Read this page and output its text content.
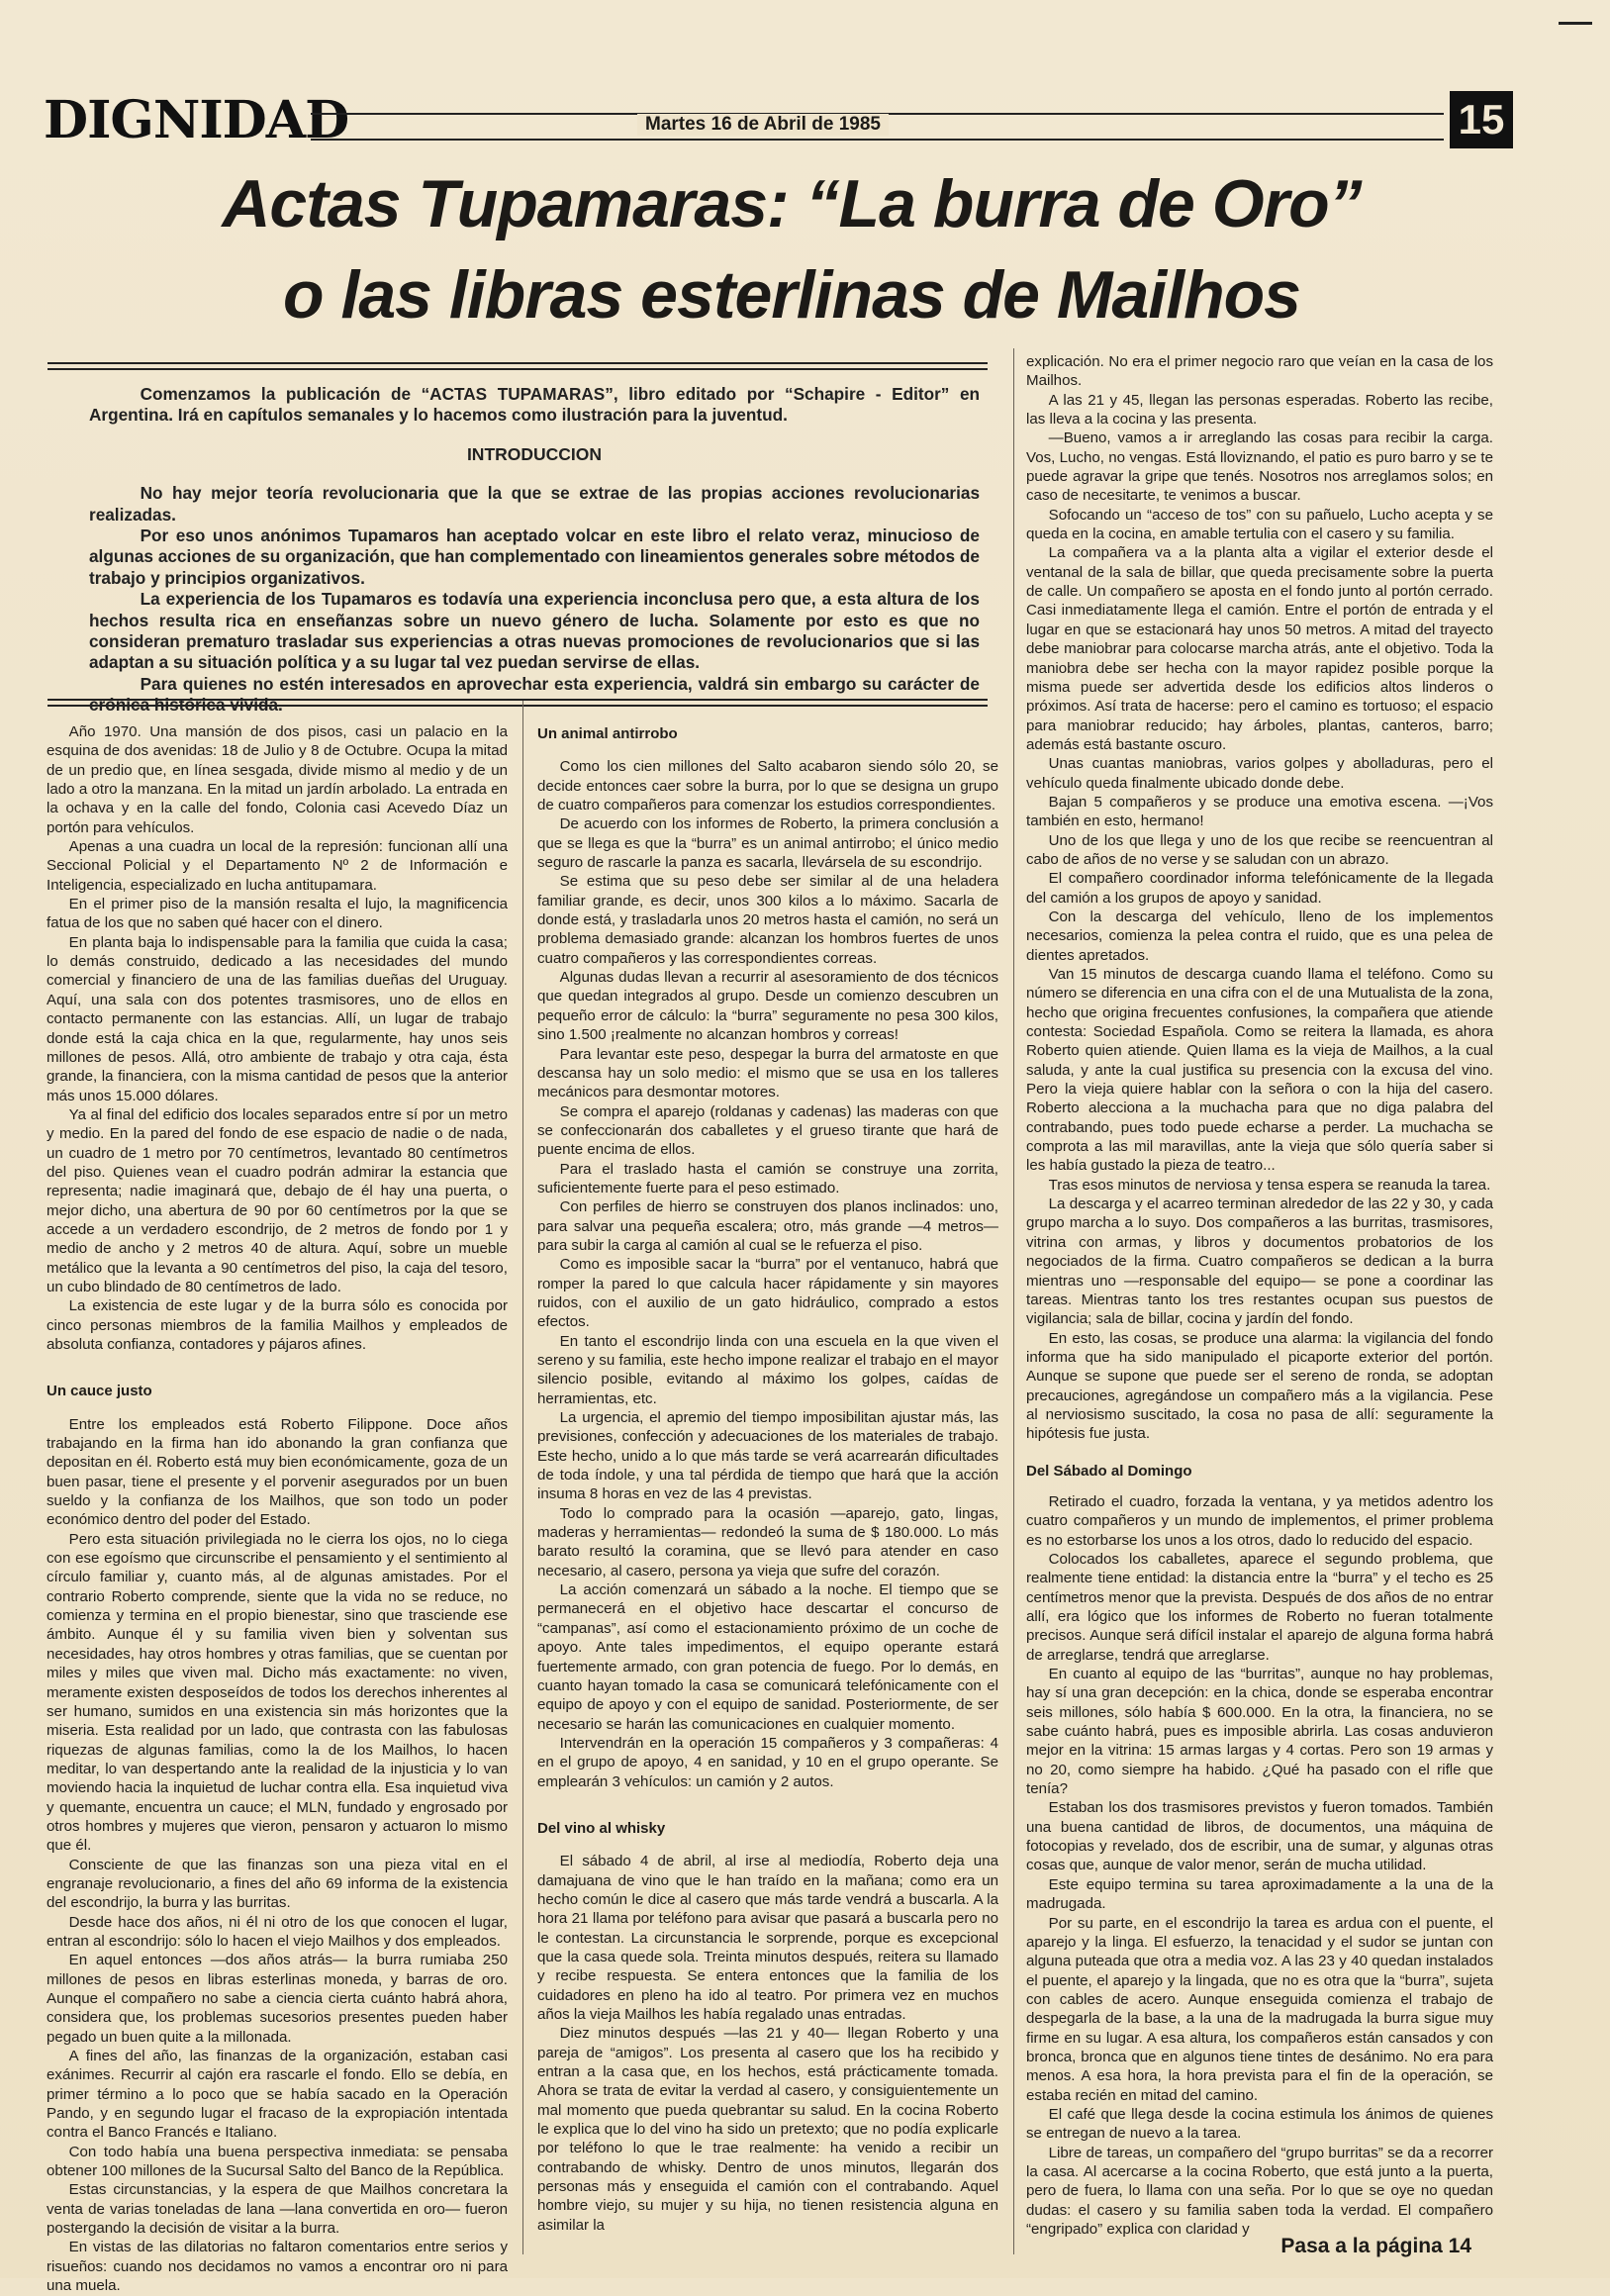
DIGNIDAD	Martes 16 de Abril de 1985	15
Actas Tupamaras: “La burra de Oro”
o las libras esterlinas de Mailhos

Comenzamos la publicación de “ACTAS TUPAMARAS”, libro editado por “Schapire - Editor” en Argentina. Irá en capítulos semanales y lo hacemos como ilustración para la juventud.

INTRODUCCION

No hay mejor teoría revolucionaria que la que se extrae de las propias acciones revolucionarias realizadas.

Por eso unos anónimos Tupamaros han aceptado volcar en este libro el relato veraz, minucioso de algunas acciones de su organización, que han complementado con lineamientos generales sobre métodos de trabajo y principios organizativos.

La experiencia de los Tupamaros es todavía una experiencia inconclusa pero que, a esta altura de los hechos resulta rica en enseñanzas sobre un nuevo género de lucha. Solamente por esto es que no consideran prematuro trasladar sus experiencias a otras nuevas promociones de revolucionarios que si las adaptan a su situación política y a su lugar tal vez puedan servirse de ellas.

Para quienes no estén interesados en aprovechar esta experiencia, valdrá sin embargo su carácter de crónica histórica vivida.

Año 1970. Una mansión de dos pisos, casi un palacio en la esquina de dos avenidas: 18 de Julio y 8 de Octubre. Ocupa la mitad de un predio que, en línea sesgada, divide mismo al medio y de un lado a otro la manzana. En la mitad un jardín arbolado. La entrada en la ochava y en la calle del fondo, Colonia casi Acevedo Díaz un portón para vehículos.

Apenas a una cuadra un local de la represión: funcionan allí una Seccional Policial y el Departamento Nº 2 de Información e Inteligencia, especializado en lucha antitupamara.

En el primer piso de la mansión resalta el lujo, la magnificencia fatua de los que no saben qué hacer con el dinero.

En planta baja lo indispensable para la familia que cuida la casa; lo demás construido, dedicado a las necesidades del mundo comercial y financiero de una de las familias dueñas del Uruguay. Aquí, una sala con dos potentes trasmisores, uno de ellos en contacto permanente con las estancias. Allí, un lugar de trabajo donde está la caja chica en la que, regularmente, hay unos seis millones de pesos. Allá, otro ambiente de trabajo y otra caja, ésta grande, la financiera, con la misma cantidad de pesos que la anterior más unos 15.000 dólares.

Ya al final del edificio dos locales separados entre sí por un metro y medio. En la pared del fondo de ese espacio de nadie o de nada, un cuadro de 1 metro por 70 centímetros, levantado 80 centímetros del piso. Quienes vean el cuadro podrán admirar la estancia que representa; nadie imaginará que, debajo de él hay una puerta, o mejor dicho, una abertura de 90 por 60 centímetros por la que se accede a un verdadero escondrijo, de 2 metros de fondo por 1 y medio de ancho y 2 metros 40 de altura. Aquí, sobre un mueble metálico que la levanta a 90 centímetros del piso, la caja del tesoro, un cubo blindado de 80 centímetros de lado.

La existencia de este lugar y de la burra sólo es conocida por cinco personas miembros de la familia Mailhos y empleados de absoluta confianza, contadores y pájaros afines.

Un cauce justo

Entre los empleados está Roberto Filippone. Doce años trabajando en la firma han ido abonando la gran confianza que depositan en él. Roberto está muy bien económicamente, goza de un buen pasar, tiene el presente y el porvenir asegurados por un buen sueldo y la confianza de los Mailhos, que son todo un poder económico dentro del poder del Estado.

Pero esta situación privilegiada no le cierra los ojos, no lo ciega con ese egoísmo que circunscribe el pensamiento y el sentimiento al círculo familiar y, cuanto más, al de algunas amistades. Por el contrario Roberto comprende, siente que la vida no se reduce, no comienza y termina en el propio bienestar, sino que trasciende ese ámbito. Aunque él y su familia viven bien y solventan sus necesidades, hay otros hombres y otras familias, que se cuentan por miles y miles que viven mal. Dicho más exactamente: no viven, meramente existen desposeídos de todos los derechos inherentes al ser humano, sumidos en una existencia sin más horizontes que la miseria. Esta realidad por un lado, que contrasta con las fabulosas riquezas de algunas familias, como la de los Mailhos, lo hacen meditar, lo van despertando ante la realidad de la injusticia y lo van moviendo hacia la inquietud de luchar contra ella. Esa inquietud viva y quemante, encuentra un cauce; el MLN, fundado y engrosado por otros hombres y mujeres que vieron, pensaron y actuaron lo mismo que él.

Consciente de que las finanzas son una pieza vital en el engranaje revolucionario, a fines del año 69 informa de la existencia del escondrijo, la burra y las burritas.

Desde hace dos años, ni él ni otro de los que conocen el lugar, entran al escondrijo: sólo lo hacen el viejo Mailhos y dos empleados.

En aquel entonces —dos años atrás— la burra rumiaba 250 millones de pesos en libras esterlinas moneda, y barras de oro. Aunque el compañero no sabe a ciencia cierta cuánto habrá ahora, considera que, los problemas sucesorios presentes pueden haber pegado un buen quite a la millonada.

A fines del año, las finanzas de la organización, estaban casi exánimes. Recurrir al cajón era rascarle el fondo. Ello se debía, en primer término a lo poco que se había sacado en la Operación Pando, y en segundo lugar el fracaso de la expropiación intentada contra el Banco Francés e Italiano.

Con todo había una buena perspectiva inmediata: se pensaba obtener 100 millones de la Sucursal Salto del Banco de la República.

Estas circunstancias, y la espera de que Mailhos concretara la venta de varias toneladas de lana —lana convertida en oro— fueron postergando la decisión de visitar a la burra.

En vistas de las dilatorias no faltaron comentarios entre serios y risueños: cuando nos decidamos no vamos a encontrar oro ni para una muela.

Un animal antirrobo

Como los cien millones del Salto acabaron siendo sólo 20, se decide entonces caer sobre la burra, por lo que se designa un grupo de cuatro compañeros para comenzar los estudios correspondientes.

De acuerdo con los informes de Roberto, la primera conclusión a que se llega es que la “burra” es un animal antirrobo; el único medio seguro de rascarle la panza es sacarla, llevársela de su escondrijo.

Se estima que su peso debe ser similar al de una heladera familiar grande, es decir, unos 300 kilos a lo máximo. Sacarla de donde está, y trasladarla unos 20 metros hasta el camión, no será un problema demasiado grande: alcanzan los hombros fuertes de unos cuatro compañeros y las correspondientes correas.

Algunas dudas llevan a recurrir al asesoramiento de dos técnicos que quedan integrados al grupo. Desde un comienzo descubren un pequeño error de cálculo: la “burra” seguramente no pesa 300 kilos, sino 1.500 ¡realmente no alcanzan hombros y correas!

Para levantar este peso, despegar la burra del armatoste en que descansa hay un solo medio: el mismo que se usa en los talleres mecánicos para desmontar motores.

Se compra el aparejo (roldanas y cadenas) las maderas con que se confeccionarán dos caballetes y el grueso tirante que hará de puente encima de ellos.

Para el traslado hasta el camión se construye una zorrita, suficientemente fuerte para el peso estimado.

Con perfiles de hierro se construyen dos planos inclinados: uno, para salvar una pequeña escalera; otro, más grande —4 metros— para subir la carga al camión al cual se le refuerza el piso.

Como es imposible sacar la “burra” por el ventanuco, habrá que romper la pared lo que calcula hacer rápidamente y sin mayores ruidos, con el auxilio de un gato hidráulico, comprado a estos efectos.

En tanto el escondrijo linda con una escuela en la que viven el sereno y su familia, este hecho impone realizar el trabajo en el mayor silencio posible, evitando al máximo los golpes, caídas de herramientas, etc.

La urgencia, el apremio del tiempo imposibilitan ajustar más, las previsiones, confección y adecuaciones de los materiales de trabajo. Este hecho, unido a lo que más tarde se verá acarrearán dificultades de toda índole, y una tal pérdida de tiempo que hará que la acción insuma 8 horas en vez de las 4 previstas.

Todo lo comprado para la ocasión —aparejo, gato, lingas, maderas y herramientas— redondeó la suma de $ 180.000. Lo más barato resultó la coramina, que se llevó para atender en caso necesario, al casero, persona ya vieja que sufre del corazón.

La acción comenzará un sábado a la noche. El tiempo que se permanecerá en el objetivo hace descartar el concurso de “campanas”, así como el estacionamiento próximo de un coche de apoyo. Ante tales impedimentos, el equipo operante estará fuertemente armado, con gran potencia de fuego. Por lo demás, en cuanto hayan tomado la casa se comunicará telefónicamente con el equipo de apoyo y con el equipo de sanidad. Posteriormente, de ser necesario se harán las comunicaciones en cualquier momento.

Intervendrán en la operación 15 compañeros y 3 compañeras: 4 en el grupo de apoyo, 4 en sanidad, y 10 en el grupo operante. Se emplearán 3 vehículos: un camión y 2 autos.

Del vino al whisky

El sábado 4 de abril, al irse al mediodía, Roberto deja una damajuana de vino que le han traído en la mañana; como era un hecho común le dice al casero que más tarde vendrá a buscarla. A la hora 21 llama por teléfono para avisar que pasará a buscarla pero no le contestan. La circunstancia le sorprende, porque es excepcional que la casa quede sola. Treinta minutos después, reitera su llamado y recibe respuesta. Se entera entonces que la familia de los cuidadores en pleno ha ido al teatro. Por primera vez en muchos años la vieja Mailhos les había regalado unas entradas.

Diez minutos después —las 21 y 40— llegan Roberto y una pareja de “amigos”. Los presenta al casero que los ha recibido y entran a la casa que, en los hechos, está prácticamente tomada. Ahora se trata de evitar la verdad al casero, y consiguientemente un mal momento que pueda quebrantar su salud. En la cocina Roberto le explica que lo del vino ha sido un pretexto; que no podía explicarle por teléfono lo que le trae realmente: ha venido a recibir un contrabando de whisky. Dentro de unos minutos, llegarán dos personas más y enseguida el camión con el contrabando. Aquel hombre viejo, su mujer y su hija, no tienen resistencia alguna en asimilar la

explicación. No era el primer negocio raro que veían en la casa de los Mailhos.

A las 21 y 45, llegan las personas esperadas. Roberto las recibe, las lleva a la cocina y las presenta.

—Bueno, vamos a ir arreglando las cosas para recibir la carga. Vos, Lucho, no vengas. Está lloviznando, el patio es puro barro y se te puede agravar la gripe que tenés. Nosotros nos arreglamos solos; en caso de necesitarte, te venimos a buscar.

Sofocando un “acceso de tos” con su pañuelo, Lucho acepta y se queda en la cocina, en amable tertulia con el casero y su familia.

La compañera va a la planta alta a vigilar el exterior desde el ventanal de la sala de billar, que queda precisamente sobre la puerta de calle. Un compañero se aposta en el fondo junto al portón cerrado. Casi inmediatamente llega el camión. Entre el portón de entrada y el lugar en que se estacionará hay unos 50 metros. A mitad del trayecto debe maniobrar para colocarse marcha atrás, ante el objetivo. Toda la maniobra debe ser hecha con la mayor rapidez posible porque la misma puede ser advertida desde los edificios altos linderos o próximos. Así trata de hacerse: pero el camino es tortuoso; el espacio para maniobrar reducido; hay árboles, plantas, canteros, barro; además está bastante oscuro.

Unas cuantas maniobras, varios golpes y abolladuras, pero el vehículo queda finalmente ubicado donde debe.

Bajan 5 compañeros y se produce una emotiva escena. —¡Vos también en esto, hermano!

Uno de los que llega y uno de los que recibe se reencuentran al cabo de años de no verse y se saludan con un abrazo.

El compañero coordinador informa telefónicamente de la llegada del camión a los grupos de apoyo y sanidad.

Con la descarga del vehículo, lleno de los implementos necesarios, comienza la pelea contra el ruido, que es una pelea de dientes apretados.

Van 15 minutos de descarga cuando llama el teléfono. Como su número se diferencia en una cifra con el de una Mutualista de la zona, hecho que origina frecuentes confusiones, la compañera que atiende contesta: Sociedad Española. Como se reitera la llamada, es ahora Roberto quien atiende. Quien llama es la vieja de Mailhos, a la cual saluda, y ante la cual justifica su presencia con la excusa del vino. Pero la vieja quiere hablar con la señora o con la hija del casero. Roberto alecciona a la muchacha para que no diga palabra del contrabando, pues todo puede echarse a perder. La muchacha se comprota a las mil maravillas, ante la vieja que sólo quería saber si les había gustado la pieza de teatro...

Tras esos minutos de nerviosa y tensa espera se reanuda la tarea.

La descarga y el acarreo terminan alrededor de las 22 y 30, y cada grupo marcha a lo suyo. Dos compañeros a las burritas, trasmisores, vitrina con armas, y libros y documentos probatorios de los negociados de la firma. Cuatro compañeros se dedican a la burra mientras uno —responsable del equipo— se pone a coordinar las tareas. Mientras tanto los tres restantes ocupan sus puestos de vigilancia; sala de billar, cocina y jardín del fondo.

En esto, las cosas, se produce una alarma: la vigilancia del fondo informa que ha sido manipulado el picaporte exterior del portón. Aunque se supone que puede ser el sereno de ronda, se adoptan precauciones, agregándose un compañero más a la vigilancia. Pese al nerviosismo suscitado, la cosa no pasa de allí: seguramente la hipótesis fue justa.

Del Sábado al Domingo

Retirado el cuadro, forzada la ventana, y ya metidos adentro los cuatro compañeros y un mundo de implementos, el primer problema es no estorbarse los unos a los otros, dado lo reducido del espacio.

Colocados los caballetes, aparece el segundo problema, que realmente tiene entidad: la distancia entre la “burra” y el techo es 25 centímetros menor que la prevista. Después de dos años de no entrar allí, era lógico que los informes de Roberto no fueran totalmente precisos. Aunque será difícil instalar el aparejo de alguna forma habrá de arreglarse, tendrá que arreglarse.

En cuanto al equipo de las “burritas”, aunque no hay problemas, hay sí una gran decepción: en la chica, donde se esperaba encontrar seis millones, sólo había $ 600.000. En la otra, la financiera, no se sabe cuánto habrá, pues es imposible abrirla. Las cosas anduvieron mejor en la vitrina: 15 armas largas y 4 cortas. Pero son 19 armas y no 20, como siempre ha habido. ¿Qué ha pasado con el rifle que tenía?

Estaban los dos trasmisores previstos y fueron tomados. También una buena cantidad de libros, de documentos, una máquina de fotocopias y revelado, dos de escribir, una de sumar, y algunas otras cosas que, aunque de valor menor, serán de mucha utilidad.

Este equipo termina su tarea aproximadamente a la una de la madrugada.

Por su parte, en el escondrijo la tarea es ardua con el puente, el aparejo y la linga. El esfuerzo, la tenacidad y el sudor se juntan con alguna puteada que otra a media voz. A las 23 y 40 quedan instalados el puente, el aparejo y la lingada, que no es otra que la “burra”, sujeta con cables de acero. Aunque enseguida comienza el trabajo de despegarla de la base, a la una de la madrugada la burra sigue muy firme en su lugar. A esa altura, los compañeros están cansados y con bronca, bronca que en algunos tiene tintes de desánimo. No era para menos. A esa hora, la hora prevista para el fin de la operación, se estaba recién en mitad del camino.

El café que llega desde la cocina estimula los ánimos de quienes se entregan de nuevo a la tarea.

Libre de tareas, un compañero del “grupo burritas” se da a recorrer la casa. Al acercarse a la cocina Roberto, que está junto a la puerta, pero de fuera, lo llama con una seña. Por lo que se oye no quedan dudas: el casero y su familia saben toda la verdad. El compañero “engripado” explica con claridad y

Pasa a la página 14
